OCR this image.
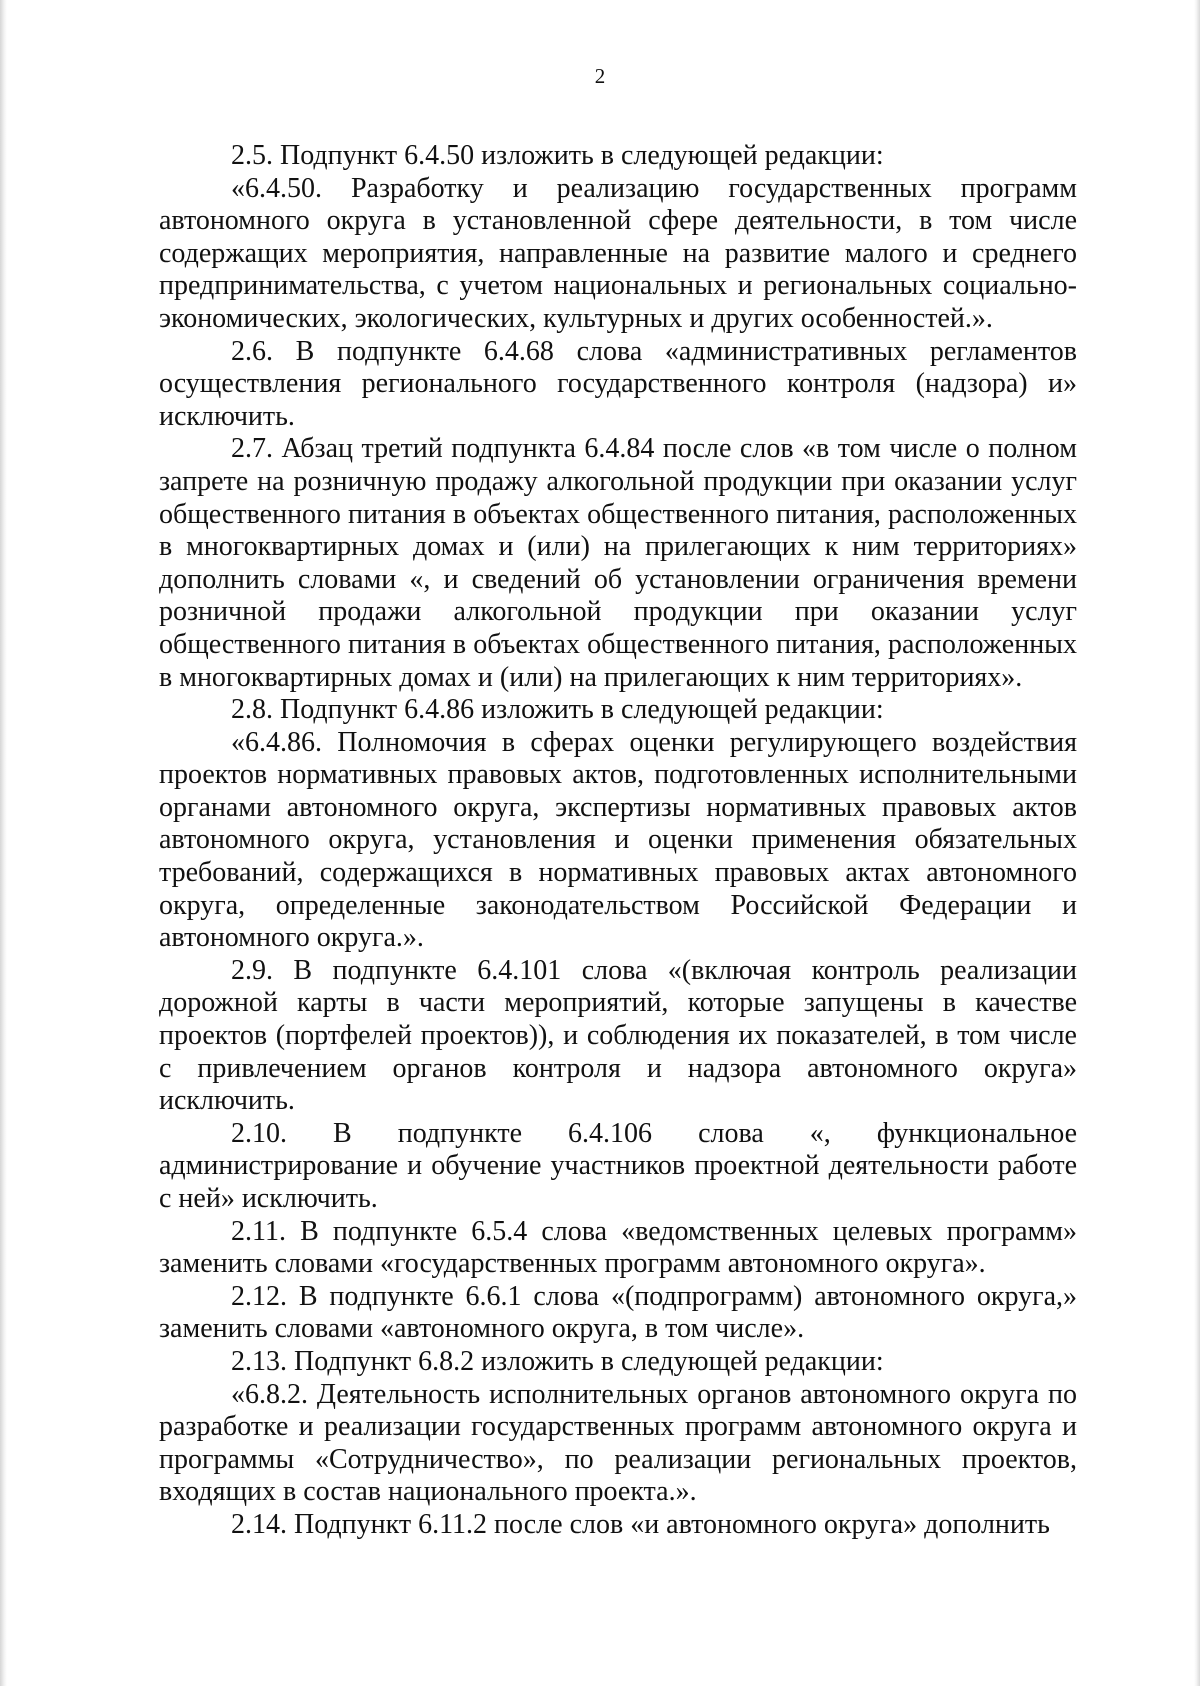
2

2.5. Подпункт 6.4.50 изложить в следующей редакции:

«6.4.50. Разработку и реализацию государственных программ автономного округа в установленной сфере деятельности, в том числе содержащих мероприятия, направленные на развитие малого и среднего предпринимательства, с учетом национальных и региональных социально-экономических, экологических, культурных и других особенностей.».

2.6. В подпункте 6.4.68 слова «административных регламентов осуществления регионального государственного контроля (надзора) и» исключить.

2.7. Абзац третий подпункта 6.4.84 после слов «в том числе о полном запрете на розничную продажу алкогольной продукции при оказании услуг общественного питания в объектах общественного питания, расположенных в многоквартирных домах и (или) на прилегающих к ним территориях» дополнить словами «, и сведений об установлении ограничения времени розничной продажи алкогольной продукции при оказании услуг общественного питания в объектах общественного питания, расположенных в многоквартирных домах и (или) на прилегающих к ним территориях».

2.8. Подпункт 6.4.86 изложить в следующей редакции:

«6.4.86. Полномочия в сферах оценки регулирующего воздействия проектов нормативных правовых актов, подготовленных исполнительными органами автономного округа, экспертизы нормативных правовых актов автономного округа, установления и оценки применения обязательных требований, содержащихся в нормативных правовых актах автономного округа, определенные законодательством Российской Федерации и автономного округа.».

2.9. В подпункте 6.4.101 слова «(включая контроль реализации дорожной карты в части мероприятий, которые запущены в качестве проектов (портфелей проектов)), и соблюдения их показателей, в том числе с привлечением органов контроля и надзора автономного округа» исключить.

2.10. В подпункте 6.4.106 слова «, функциональное администрирование и обучение участников проектной деятельности работе с ней» исключить.

2.11. В подпункте 6.5.4 слова «ведомственных целевых программ» заменить словами «государственных программ автономного округа».

2.12. В подпункте 6.6.1 слова «(подпрограмм) автономного округа,» заменить словами «автономного округа, в том числе».

2.13. Подпункт 6.8.2 изложить в следующей редакции:

«6.8.2. Деятельность исполнительных органов автономного округа по разработке и реализации государственных программ автономного округа и программы «Сотрудничество», по реализации региональных проектов, входящих в состав национального проекта.».

2.14. Подпункт 6.11.2 после слов «и автономного округа» дополнить
